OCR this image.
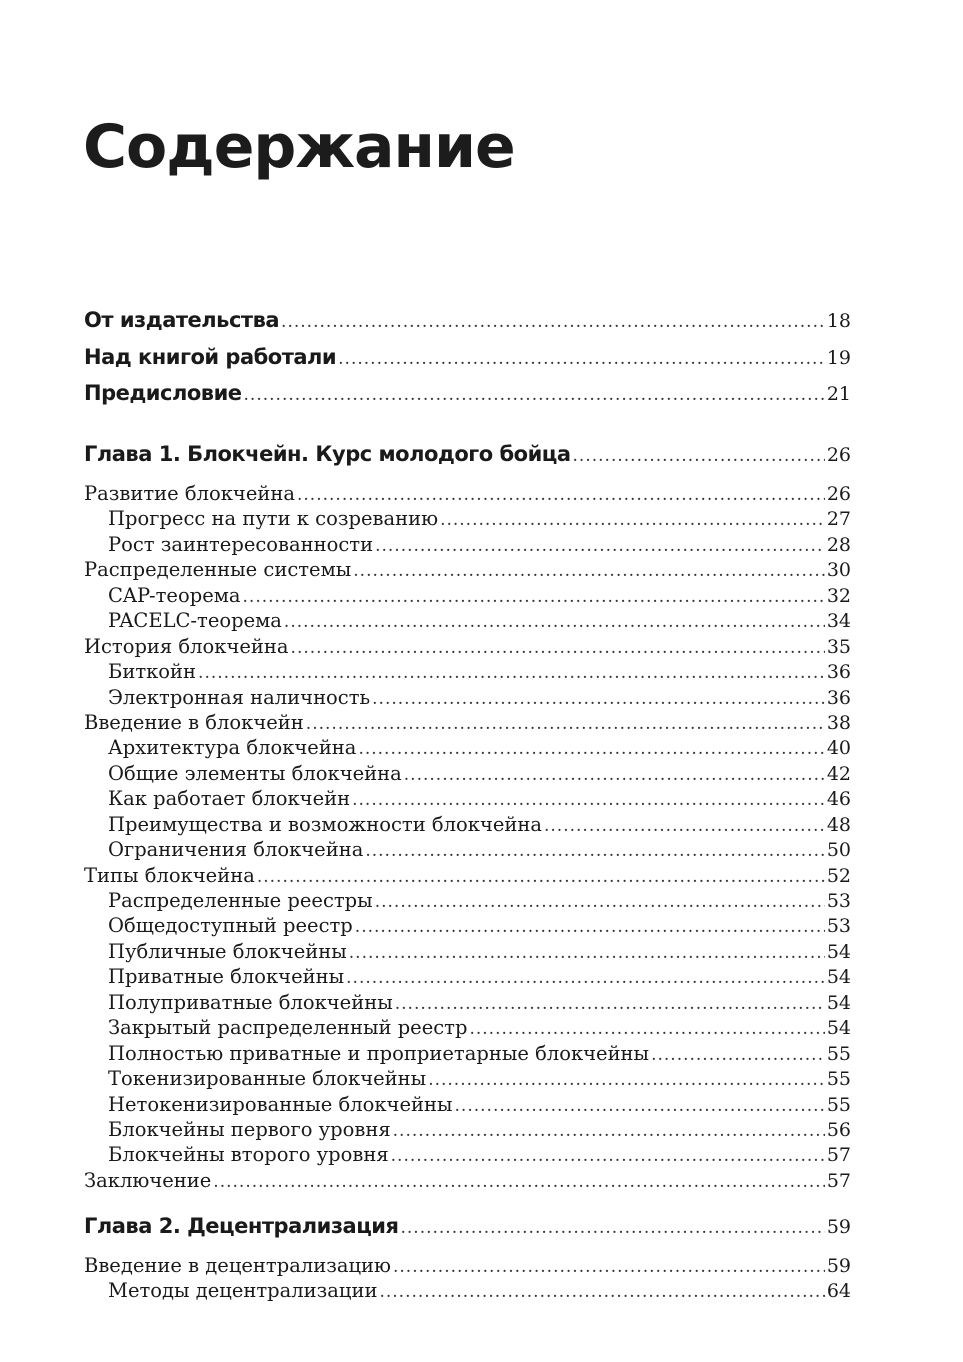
Содержание
От издательства .....	18
Над книгой работали .....	19
Предисловие .....	21
Глава 1. Блокчейн. Курс молодого бойца .....	26
Развитие блокчейна .....	26
Прогресс на пути к созреванию .....	27
Рост заинтересованности .....	28
Распределенные системы .....	30
CAP-теорема .....	32
PACELC-теорема .....	34
История блокчейна .....	35
Биткойн .....	36
Электронная наличность .....	36
Введение в блокчейн .....	38
Архитектура блокчейна .....	40
Общие элементы блокчейна .....	42
Как работает блокчейн .....	46
Преимущества и возможности блокчейна .....	48
Ограничения блокчейна .....	50
Типы блокчейна .....	52
Распределенные реестры .....	53
Общедоступный реестр .....	53
Публичные блокчейны .....	54
Приватные блокчейны .....	54
Полуприватные блокчейны .....	54
Закрытый распределенный реестр .....	54
Полностью приватные и проприетарные блокчейны .....	55
Токенизированные блокчейны .....	55
Нетокенизированные блокчейны .....	55
Блокчейны первого уровня .....	56
Блокчейны второго уровня .....	57
Заключение .....	57
Глава 2. Децентрализация .....	59
Введение в децентрализацию .....	59
Методы децентрализации .....	64
